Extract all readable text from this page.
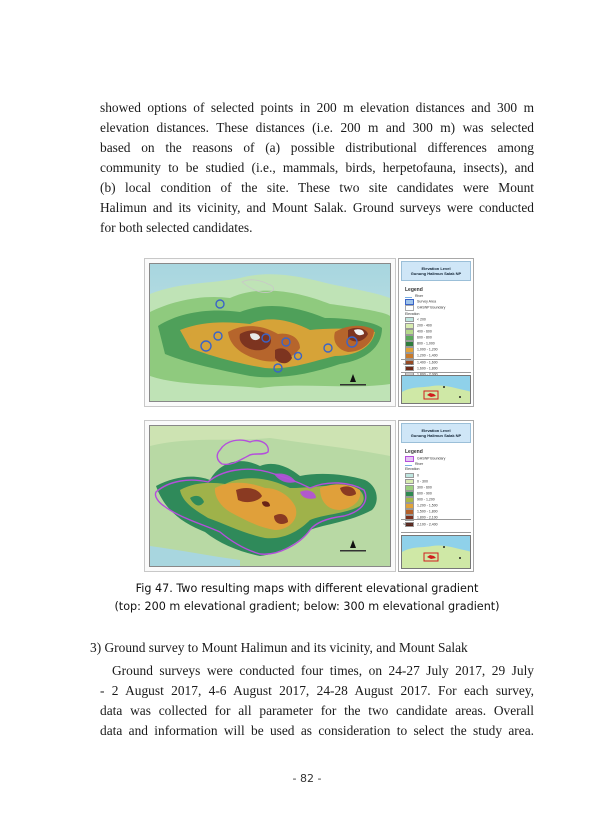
showed options of selected points in 200 m elevation distances and 300 m
elevation distances. These distances (i.e. 200 m and 300 m) was selected
based on the reasons of (a) possible distributional differences among
community to be studied (i.e., mammals, birds, herpetofauna, insects), and
(b) local condition of the site. These two site candidates were Mount
Halimun and its vicinity, and Mount Salak. Ground surveys were conducted
for both selected candidates.
Elevation Level
Gunung Halimun Salak NP
Legend
River
Survey Area
GHSNP Boundary
Elevation
< 200
200 - 400
400 - 600
600 - 800
800 - 1,000
1,000 - 1,200
1,200 - 1,400
1,400 - 1,600
1,600 - 1,800
Source:
Elevation Level
Gunung Halimun Salak NP
Legend
GHSNP Boundary
River
Elevation
0
0 - 300
300 - 600
600 - 900
900 - 1,200
1,200 - 1,500
1,500 - 1,800
1,800 - 2,100
2,100 - 2,400
Source:
Fig 47. Two resulting maps with different elevational gradient
(top: 200 m elevational gradient; below: 300 m elevational gradient)
3) Ground survey to Mount Halimun and its vicinity, and Mount Salak
Ground surveys were conducted four times, on 24-27 July 2017, 29 July
- 2 August 2017, 4-6 August 2017, 24-28 August 2017. For each survey,
data was collected for all parameter for the two candidate areas. Overall
data and information will be used as consideration to select the study area.
- 82 -
